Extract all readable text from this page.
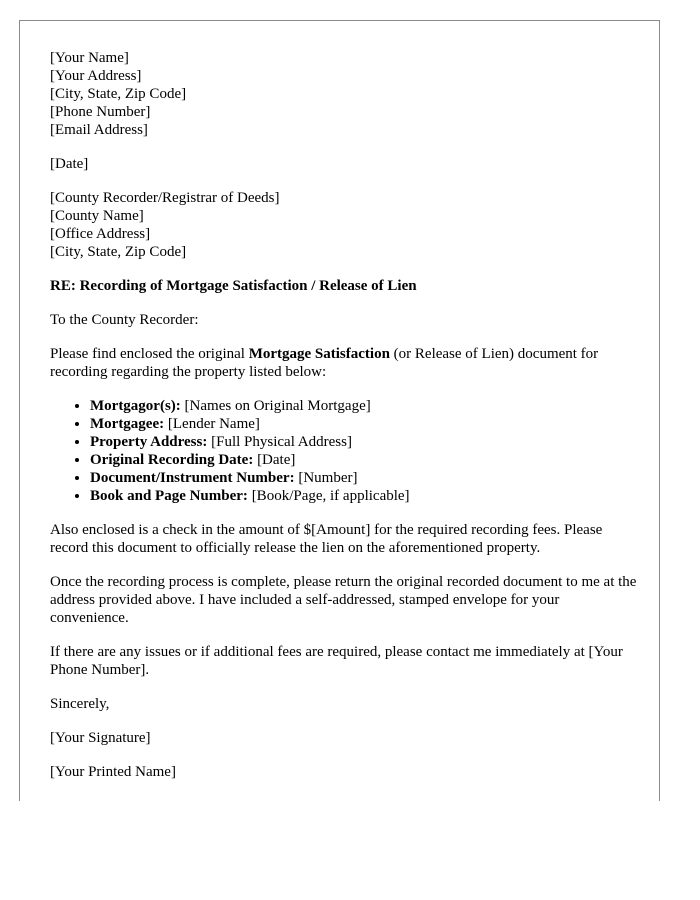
[Your Name]
[Your Address]
[City, State, Zip Code]
[Phone Number]
[Email Address]
[Date]
[County Recorder/Registrar of Deeds]
[County Name]
[Office Address]
[City, State, Zip Code]
RE: Recording of Mortgage Satisfaction / Release of Lien

To the County Recorder:

Please find enclosed the original Mortgage Satisfaction (or Release of Lien) document for recording regarding the property listed below:

• Mortgagor(s): [Names on Original Mortgage]
• Mortgagee: [Lender Name]
• Property Address: [Full Physical Address]
• Original Recording Date: [Date]
• Document/Instrument Number: [Number]
• Book and Page Number: [Book/Page, if applicable]

Also enclosed is a check in the amount of $[Amount] for the required recording fees. Please record this document to officially release the lien on the aforementioned property.

Once the recording process is complete, please return the original recorded document to me at the address provided above. I have included a self-addressed, stamped envelope for your convenience.

If there are any issues or if additional fees are required, please contact me immediately at [Your Phone Number].

Sincerely,

[Your Signature]

[Your Printed Name]
